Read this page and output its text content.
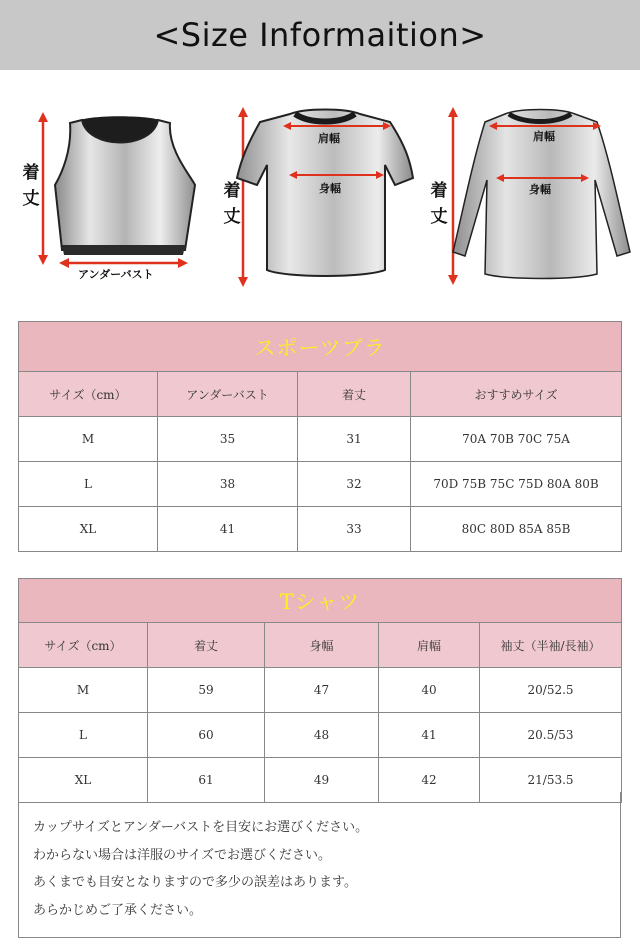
<Size Informaition>
着丈
アンダーバスト
着丈
肩幅
身幅	着丈
肩幅
身幅
スポーツブラ			
サイズ（cm）	アンダーバスト	着丈	おすすめサイズ
M	35	31	70A 70B 70C 75A
L	38	32	70D 75B 75C 75D 80A 80B
XL	41	33	80C 80D 85A 85B
Tシャツ				
サイズ（cm）	着丈	身幅	肩幅	袖丈（半袖/長袖）
M	59	47	40	20/52.5
L	60	48	41	20.5/53
XL	61	49	42	21/53.5

カップサイズとアンダーバストを目安にお選びください。

わからない場合は洋服のサイズでお選びください。

あくまでも目安となりますので多少の誤差はあります。

あらかじめご了承ください。
